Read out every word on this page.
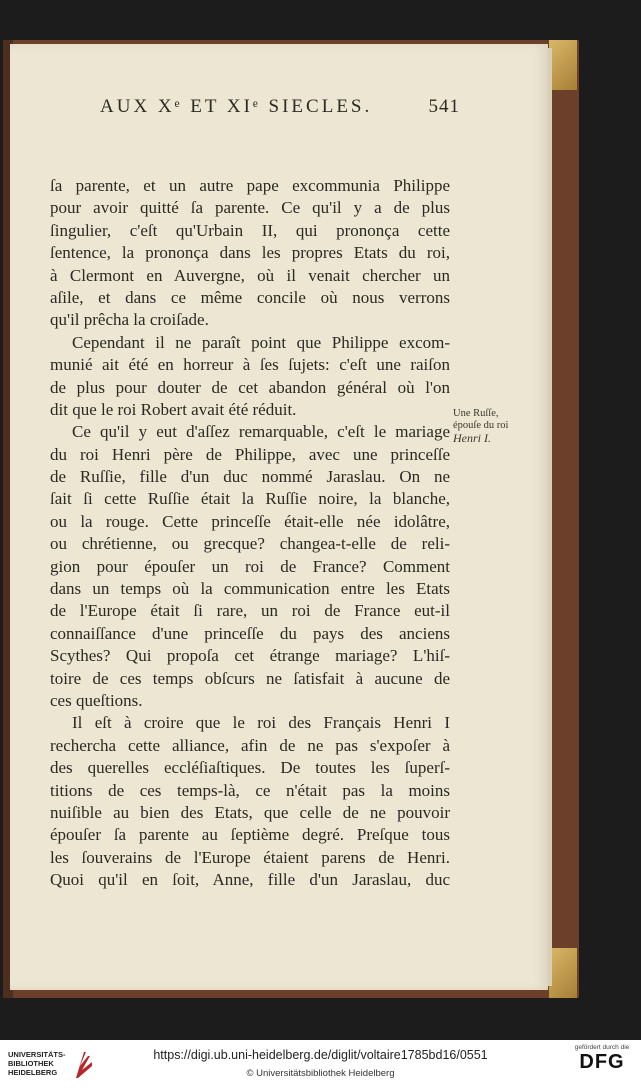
AUX Xᵉ ET XIᵉ SIECLES.	541
ſa parente, et un autre pape excommunia Philippe
pour avoir quitté ſa parente. Ce qu'il y a de plus
ſingulier, c'eſt qu'Urbain II, qui prononça cette
ſentence, la prononça dans les propres Etats du roi,
à Clermont en Auvergne, où il venait chercher un
aſile, et dans ce même concile où nous verrons
qu'il prêcha la croiſade.
Cependant il ne paraît point que Philippe excom-
munié ait été en horreur à ſes ſujets: c'eſt une raiſon
de plus pour douter de cet abandon général où l'on
dit que le roi Robert avait été réduit.
Ce qu'il y eut d'aſſez remarquable, c'eſt le mariage
du roi Henri père de Philippe, avec une princeſſe
de Ruſſie, fille d'un duc nommé Jaraslau. On ne
ſait ſi cette Ruſſie était la Ruſſie noire, la blanche,
ou la rouge. Cette princeſſe était-elle née idolâtre,
ou chrétienne, ou grecque? changea-t-elle de reli-
gion pour épouſer un roi de France? Comment
dans un temps où la communication entre les Etats
de l'Europe était ſi rare, un roi de France eut-il
connaiſſance d'une princeſſe du pays des anciens
Scythes? Qui propoſa cet étrange mariage? L'hiſ-
toire de ces temps obſcurs ne ſatisfait à aucune de
ces queſtions.
Il eſt à croire que le roi des Français Henri I
rechercha cette alliance, afin de ne pas s'expoſer à
des querelles eccléſiaſtiques. De toutes les ſuperſ-
titions de ces temps-là, ce n'était pas la moins
nuiſible au bien des Etats, que celle de ne pouvoir
épouſer ſa parente au ſeptième degré. Preſque tous
les ſouverains de l'Europe étaient parens de Henri.
Quoi qu'il en ſoit, Anne, fille d'un Jaraslau, duc
Une Ruſſe,
épouſe du roi
Henri I.
UNIVERSITÄTS-
BIBLIOTHEK
HEIDELBERG
https://digi.ub.uni-heidelberg.de/diglit/voltaire1785bd16/0551
© Universitätsbibliothek Heidelberg
gefördert durch die
DFG
